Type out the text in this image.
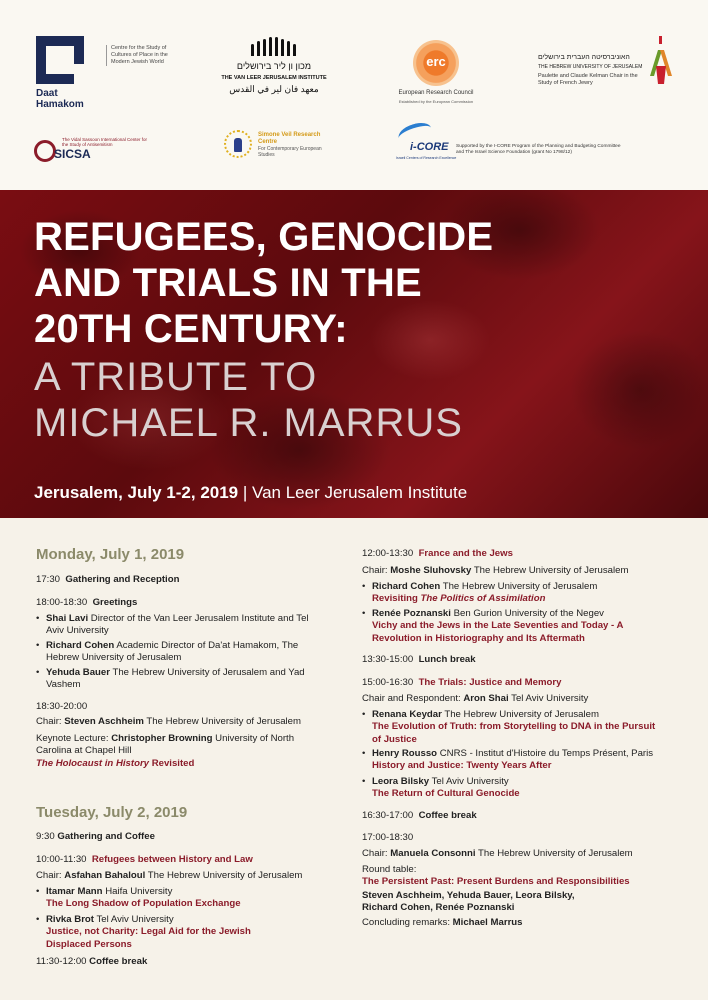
Daat Hamakom
Centre for the Study of Cultures of Place in the Modern Jewish World	מכון ון ליר בירושלים
THE VAN LEER JERUSALEM INSTITUTE
معهد فان لير في القدس
erc
European Research Council
Established by the European Commission
האוניברסיטה העברית בירושלים
THE HEBREW UNIVERSITY OF JERUSALEM
Paulette and Claude Kelman Chair in the Study of French Jewry
The Vidal Sassoon International Center for the Study of Antisemitism
SICSA
Simone Veil Research Centre
For Contemporary European Studies
i-CORE
Israeli Centers of Research Excellence
Supported by the I-CORE Program of the Planning and Budgeting Committee and The Israel Science Foundation (grant No 1798/12)
REFUGEES, GENOCIDE
AND TRIALS IN THE
20TH CENTURY:
A TRIBUTE TO
MICHAEL R. MARRUS
Jerusalem, July 1-2, 2019 | Van Leer Jerusalem Institute
Monday, July 1, 2019
17:30 Gathering and Reception
18:00-18:30 Greetings
• Shai Lavi Director of the Van Leer Jerusalem Institute and Tel Aviv University
• Richard Cohen Academic Director of Da'at Hamakom, The Hebrew University of Jerusalem
• Yehuda Bauer The Hebrew University of Jerusalem and Yad Vashem
18:30-20:00
Chair: Steven Aschheim The Hebrew University of Jerusalem
Keynote Lecture: Christopher Browning University of North Carolina at Chapel Hill
The Holocaust in History Revisited
Tuesday, July 2, 2019
9:30 Gathering and Coffee
10:00-11:30 Refugees between History and Law
Chair: Asfahan Bahaloul The Hebrew University of Jerusalem
• Itamar Mann Haifa University
The Long Shadow of Population Exchange
• Rivka Brot Tel Aviv University
Justice, not Charity: Legal Aid for the Jewish Displaced Persons
11:30-12:00 Coffee break
12:00-13:30 France and the Jews
Chair: Moshe Sluhovsky The Hebrew University of Jerusalem
• Richard Cohen The Hebrew University of Jerusalem
Revisiting The Politics of Assimilation
• Renée Poznanski Ben Gurion University of the Negev
Vichy and the Jews in the Late Seventies and Today - A Revolution in Historiography and Its Aftermath
13:30-15:00 Lunch break
15:00-16:30 The Trials: Justice and Memory
Chair and Respondent: Aron Shai Tel Aviv University
• Renana Keydar The Hebrew University of Jerusalem
The Evolution of Truth: from Storytelling to DNA in the Pursuit of Justice
• Henry Rousso CNRS - Institut d'Histoire du Temps Présent, Paris
History and Justice: Twenty Years After
• Leora Bilsky Tel Aviv University
The Return of Cultural Genocide
16:30-17:00 Coffee break
17:00-18:30
Chair: Manuela Consonni The Hebrew University of Jerusalem
Round table:
The Persistent Past: Present Burdens and Responsibilities
Steven Aschheim, Yehuda Bauer, Leora Bilsky, Richard Cohen, Renée Poznanski
Concluding remarks: Michael Marrus
